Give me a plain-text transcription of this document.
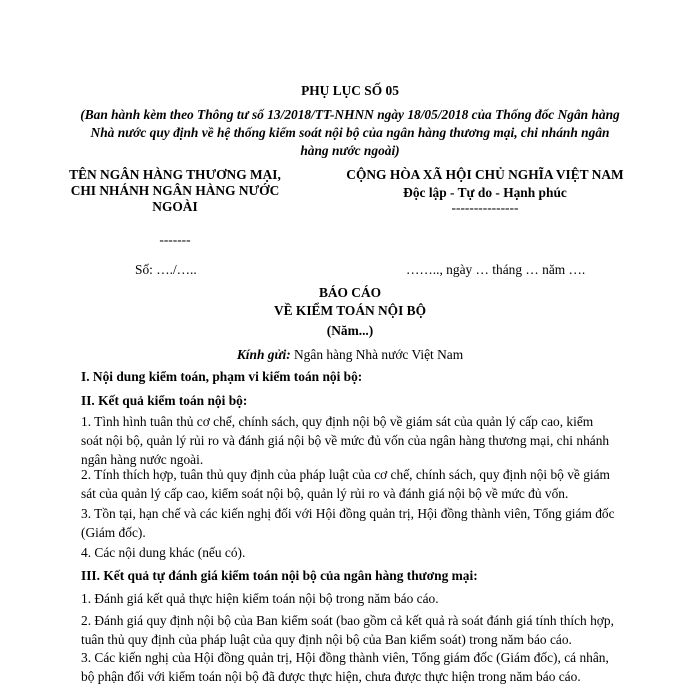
PHỤ LỤC SỐ 05
(Ban hành kèm theo Thông tư số 13/2018/TT-NHNN ngày 18/05/2018 của Thống đốc Ngân hàng Nhà nước quy định về hệ thống kiểm soát nội bộ của ngân hàng thương mại, chi nhánh ngân hàng nước ngoài)
TÊN NGÂN HÀNG THƯƠNG MẠI, CHI NHÁNH NGÂN HÀNG NƯỚC NGOÀI
-------
CỘNG HÒA XÃ HỘI CHỦ NGHĨA VIỆT NAM
Độc lập - Tự do - Hạnh phúc
---------------
Số: …./…..	…….., ngày … tháng … năm ….
BÁO CÁO
VỀ KIỂM TOÁN NỘI BỘ
(Năm...)
Kính gửi: Ngân hàng Nhà nước Việt Nam
I. Nội dung kiểm toán, phạm vi kiểm toán nội bộ:
II. Kết quả kiểm toán nội bộ:
1. Tình hình tuân thủ cơ chế, chính sách, quy định nội bộ về giám sát của quản lý cấp cao, kiểm soát nội bộ, quản lý rủi ro và đánh giá nội bộ về mức đủ vốn của ngân hàng thương mại, chi nhánh ngân hàng nước ngoài.
2. Tính thích hợp, tuân thủ quy định của pháp luật của cơ chế, chính sách, quy định nội bộ về giám sát của quản lý cấp cao, kiểm soát nội bộ, quản lý rủi ro và đánh giá nội bộ về mức đủ vốn.
3. Tồn tại, hạn chế và các kiến nghị đối với Hội đồng quản trị, Hội đồng thành viên, Tổng giám đốc (Giám đốc).
4. Các nội dung khác (nếu có).
III. Kết quả tự đánh giá kiểm toán nội bộ của ngân hàng thương mại:
1. Đánh giá kết quả thực hiện kiểm toán nội bộ trong năm báo cáo.
2. Đánh giá quy định nội bộ của Ban kiểm soát (bao gồm cả kết quả rà soát đánh giá tính thích hợp, tuân thủ quy định của pháp luật của quy định nội bộ của Ban kiểm soát) trong năm báo cáo.
3. Các kiến nghị của Hội đồng quản trị, Hội đồng thành viên, Tổng giám đốc (Giám đốc), cá nhân, bộ phận đối với kiểm toán nội bộ đã được thực hiện, chưa được thực hiện trong năm báo cáo.
